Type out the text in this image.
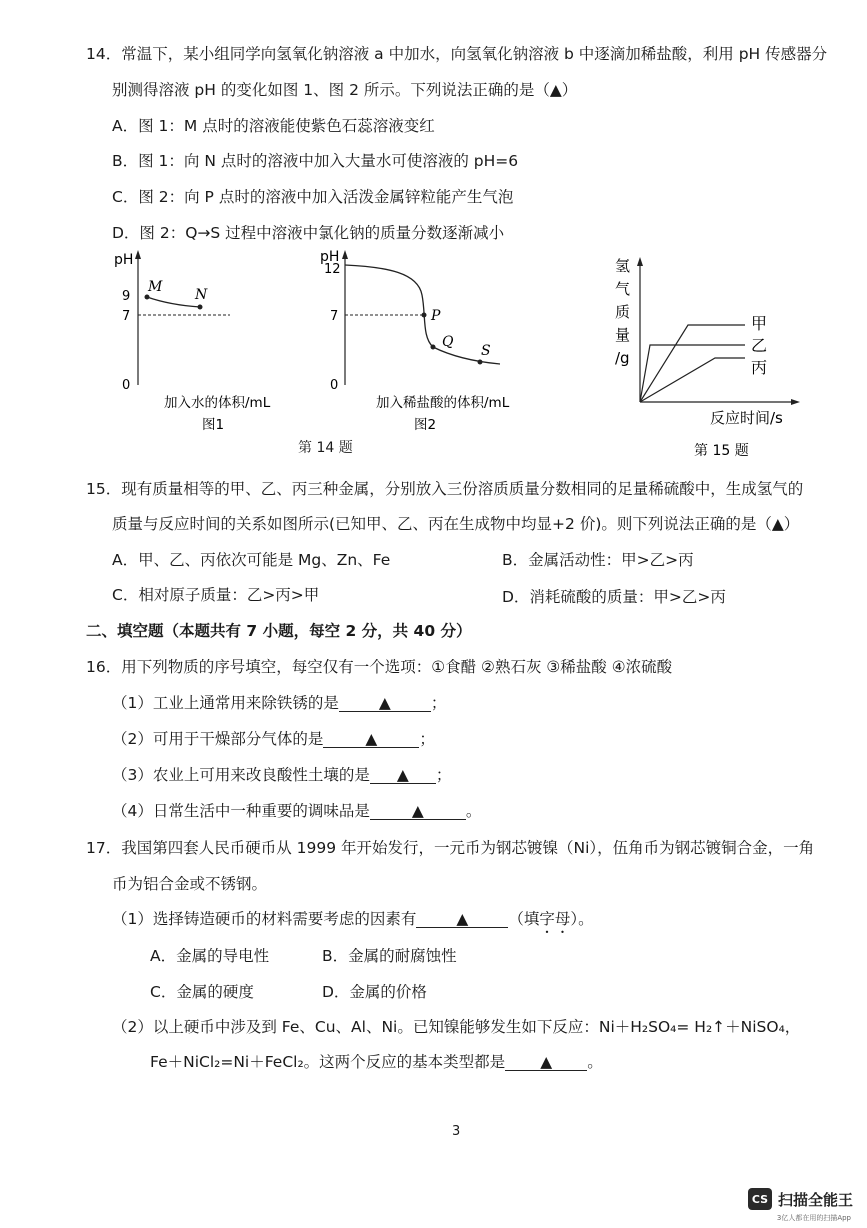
14．常温下，某小组同学向氢氧化钠溶液 a 中加水，向氢氧化钠溶液 b 中逐滴加稀盐酸，利用 pH 传感器分
别测得溶液 pH 的变化如图 1、图 2 所示。下列说法正确的是（▲）
A．图 1：M 点时的溶液能使紫色石蕊溶液变红
B．图 1：向 N 点时的溶液中加入大量水可使溶液的 pH=6
C．图 2：向 P 点时的溶液中加入活泼金属锌粒能产生气泡
D．图 2：Q→S 过程中溶液中氯化钠的质量分数逐渐减小
pH
9
7
0
M N
加入水的体积/mL
图1
pH
12
7
0
P
Q
S
加入稀盐酸的体积/mL
图2
第 14 题
氢
气
质
量
/g
甲
乙
丙
反应时间/s
第 15 题
15．现有质量相等的甲、乙、丙三种金属，分别放入三份溶质质量分数相同的足量稀硫酸中，生成氢气的
质量与反应时间的关系如图所示(已知甲、乙、丙在生成物中均显+2 价)。则下列说法正确的是（▲）
A．甲、乙、丙依次可能是 Mg、Zn、Fe	B．金属活动性：甲>乙>丙
C．相对原子质量：乙>丙>甲	D．消耗硫酸的质量：甲>乙>丙
二、填空题（本题共有 7 小题，每空 2 分，共 40 分）
16．用下列物质的序号填空，每空仅有一个选项：①食醋 ②熟石灰 ③稀盐酸 ④浓硫酸
（1）工业上通常用来除铁锈的是	▲	；
（2）可用于干燥部分气体的是	▲	；
（3）农业上可用来改良酸性土壤的是 ▲ ；
（4）日常生活中一种重要的调味品是	▲	。
17．我国第四套人民币硬币从 1999 年开始发行，一元币为钢芯镀镍（Ni），伍角币为钢芯镀铜合金，一角
币为铝合金或不锈钢。
（1）选择铸造硬币的材料需要考虑的因素有	▲	（填字母）。
A．金属的导电性	B．金属的耐腐蚀性
C．金属的硬度	D．金属的价格
（2）以上硬币中涉及到 Fe、Cu、Al、Ni。已知镍能够发生如下反应：Ni＋H₂SO₄= H₂↑＋NiSO₄，
Fe＋NiCl₂=Ni＋FeCl₂。这两个反应的基本类型都是 ▲ 。
3
CS 扫描全能王
3亿人都在用的扫描App
